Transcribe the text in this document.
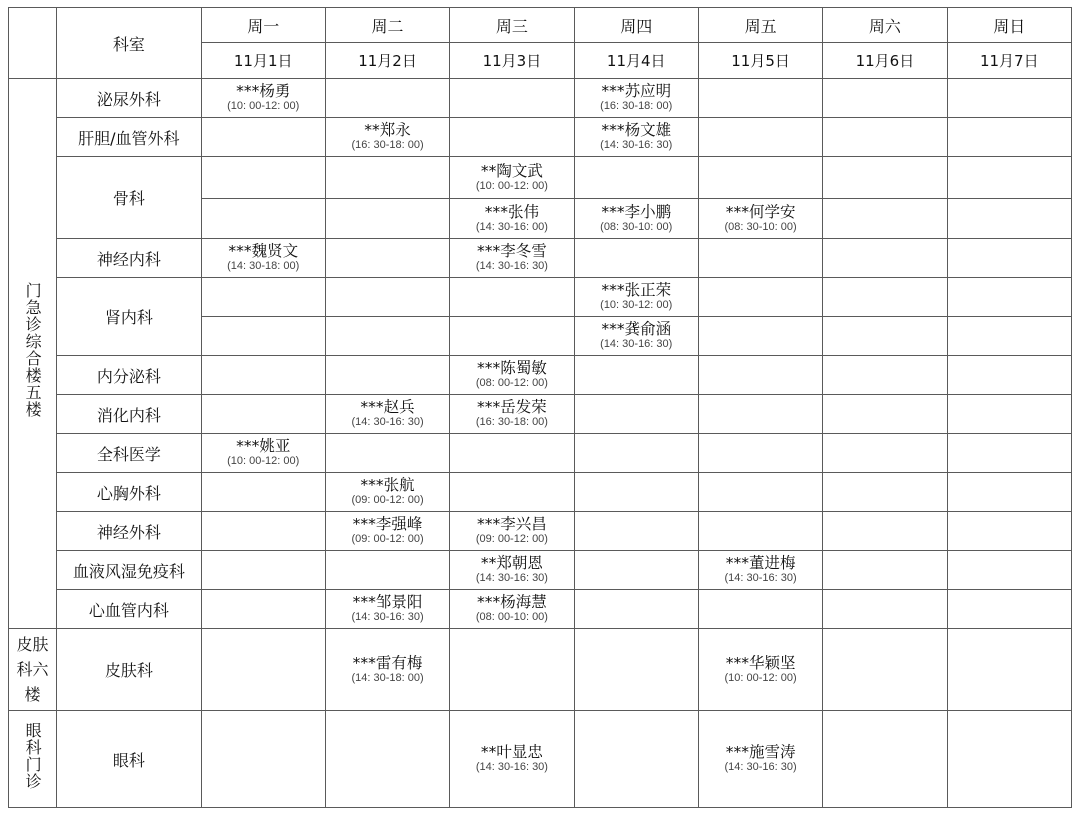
	科室	周一	周二	周三	周四	周五	周六	周日
		11月1日	11月2日	11月3日	11月4日	11月5日	11月6日	11月7日
门急诊综合楼五楼	泌尿外科	***杨勇
(10: 00-12: 00)			***苏应明
(16: 30-18: 00)			

	肝胆/血管外科		**郑永
(16: 30-18: 00)		***杨文雄
(14: 30-16: 30)			

	骨科			**陶文武
(10: 00-12: 00)				

				***张伟
(14: 30-16: 00)	***李小鹏
(08: 30-10: 00)	***何学安
(08: 30-10: 00)		

	神经内科	***魏贤文
(14: 30-18: 00)		***李冬雪
(14: 30-16: 30)				

	肾内科				***张正荣
(10: 30-12: 00)			

					***龚俞涵
(14: 30-16: 30)			

	内分泌科			***陈蜀敏
(08: 00-12: 00)				

	消化内科		***赵兵
(14: 30-16: 30)	***岳发荣
(16: 30-18: 00)				

	全科医学	***姚亚
(10: 00-12: 00)						

	心胸外科		***张航
(09: 00-12: 00)					

	神经外科		***李强峰
(09: 00-12: 00)	***李兴昌
(09: 00-12: 00)				

	血液风湿免疫科			**郑朝恩
(14: 30-16: 30)		***董进梅
(14: 30-16: 30)		

	心血管内科		***邹景阳
(14: 30-16: 30)	***杨海慧
(08: 00-10: 00)				

皮肤科六楼	皮肤科		***雷有梅
(14: 30-18: 00)			***华颖坚
(10: 00-12: 00)		

眼科门诊	眼科			**叶显忠
(14: 30-16: 30)		***施雪涛
(14: 30-16: 30)		
